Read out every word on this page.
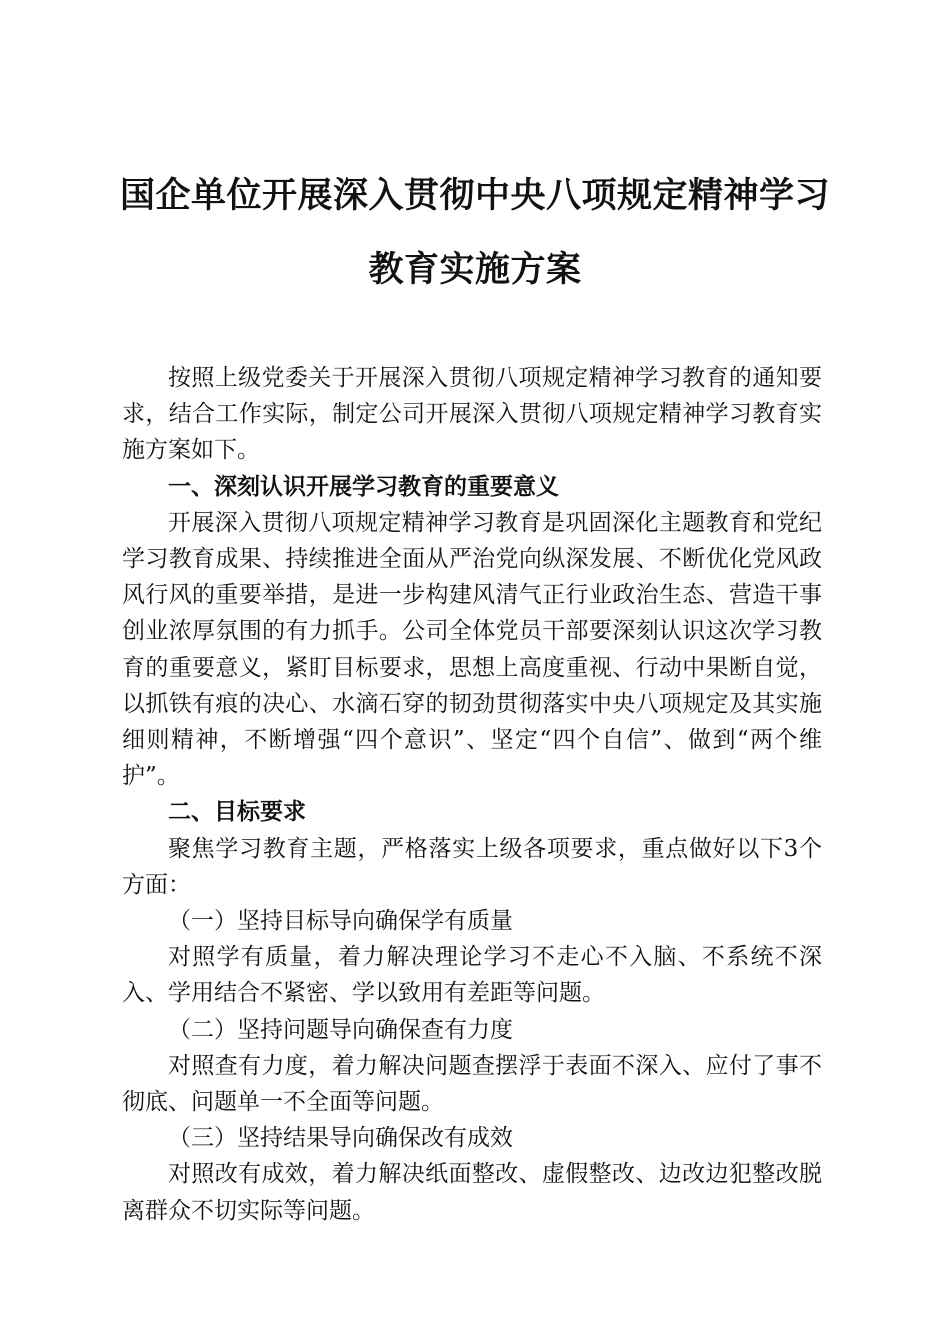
国企单位开展深入贯彻中央八项规定精神学习
教育实施方案

按照上级党委关于开展深入贯彻八项规定精神学习教育的通知要求，结合工作实际，制定公司开展深入贯彻八项规定精神学习教育实施方案如下。

一、深刻认识开展学习教育的重要意义

开展深入贯彻八项规定精神学习教育是巩固深化主题教育和党纪学习教育成果、持续推进全面从严治党向纵深发展、不断优化党风政风行风的重要举措，是进一步构建风清气正行业政治生态、营造干事创业浓厚氛围的有力抓手。公司全体党员干部要深刻认识这次学习教育的重要意义，紧盯目标要求，思想上高度重视、行动中果断自觉，以抓铁有痕的决心、水滴石穿的韧劲贯彻落实中央八项规定及其实施细则精神，不断增强“四个意识”、坚定“四个自信”、做到“两个维护”。

二、目标要求

聚焦学习教育主题，严格落实上级各项要求，重点做好以下3个方面：

（一）坚持目标导向确保学有质量

对照学有质量，着力解决理论学习不走心不入脑、不系统不深入、学用结合不紧密、学以致用有差距等问题。

（二）坚持问题导向确保查有力度

对照查有力度，着力解决问题查摆浮于表面不深入、应付了事不彻底、问题单一不全面等问题。

（三）坚持结果导向确保改有成效

对照改有成效，着力解决纸面整改、虚假整改、边改边犯整改脱离群众不切实际等问题。
